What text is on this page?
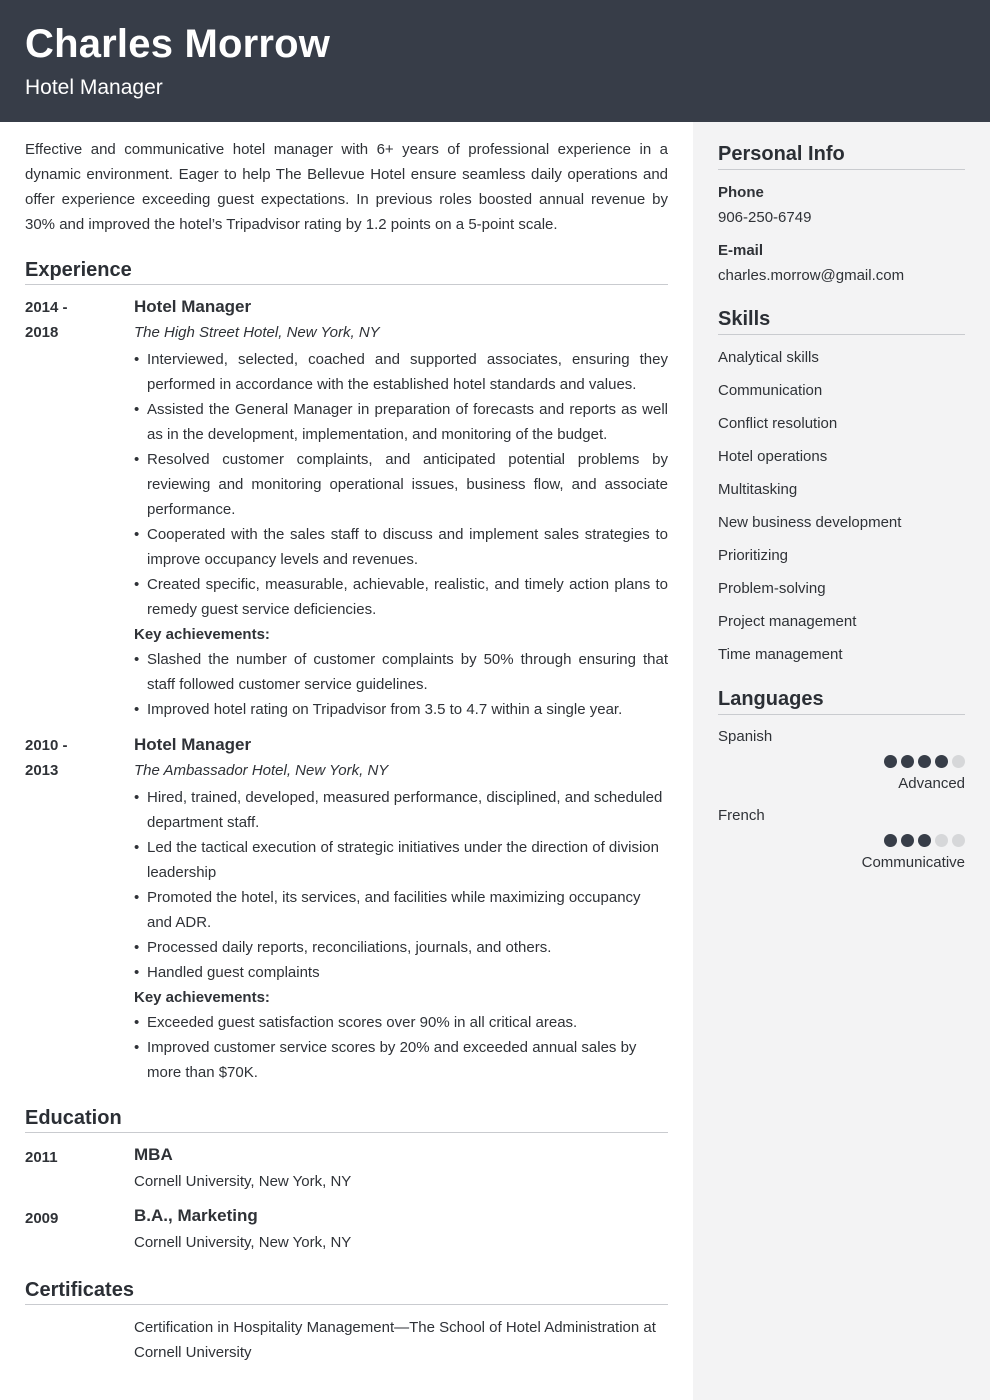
Charles Morrow
Hotel Manager

Effective and communicative hotel manager with 6+ years of professional experience in a dynamic environment. Eager to help The Bellevue Hotel ensure seamless daily operations and offer experience exceeding guest expectations. In previous roles boosted annual revenue by 30% and improved the hotel’s Tripadvisor rating by 1.2 points on a 5-point scale.

Experience
2014 - 2018
Hotel Manager
The High Street Hotel, New York, NY
• Interviewed, selected, coached and supported associates, ensuring they performed in accordance with the established hotel standards and values.
• Assisted the General Manager in preparation of forecasts and reports as well as in the development, implementation, and monitoring of the budget.
• Resolved customer complaints, and anticipated potential problems by reviewing and monitoring operational issues, business flow, and associate performance.
• Cooperated with the sales staff to discuss and implement sales strategies to improve occupancy levels and revenues.
• Created specific, measurable, achievable, realistic, and timely action plans to remedy guest service deficiencies.
Key achievements:
• Slashed the number of customer complaints by 50% through ensuring that staff followed customer service guidelines.
• Improved hotel rating on Tripadvisor from 3.5 to 4.7 within a single year.
2010 - 2013
Hotel Manager
The Ambassador Hotel, New York, NY
• Hired, trained, developed, measured performance, disciplined, and scheduled department staff.
• Led the tactical execution of strategic initiatives under the direction of division leadership
• Promoted the hotel, its services, and facilities while maximizing occupancy and ADR.
• Processed daily reports, reconciliations, journals, and others.
• Handled guest complaints
Key achievements:
• Exceeded guest satisfaction scores over 90% in all critical areas.
• Improved customer service scores by 20% and exceeded annual sales by more than $70K.
Education
2011	MBA
Cornell University, New York, NY
2009	B.A., Marketing
Cornell University, New York, NY
Certificates
Certification in Hospitality Management—The School of Hotel Administration at Cornell University
Personal Info
Phone
906-250-6749
E-mail
charles.morrow@gmail.com
Skills
Analytical skills
Communication
Conflict resolution
Hotel operations
Multitasking
New business development
Prioritizing
Problem-solving
Project management
Time management
Languages
Spanish
Advanced
French
Communicative
